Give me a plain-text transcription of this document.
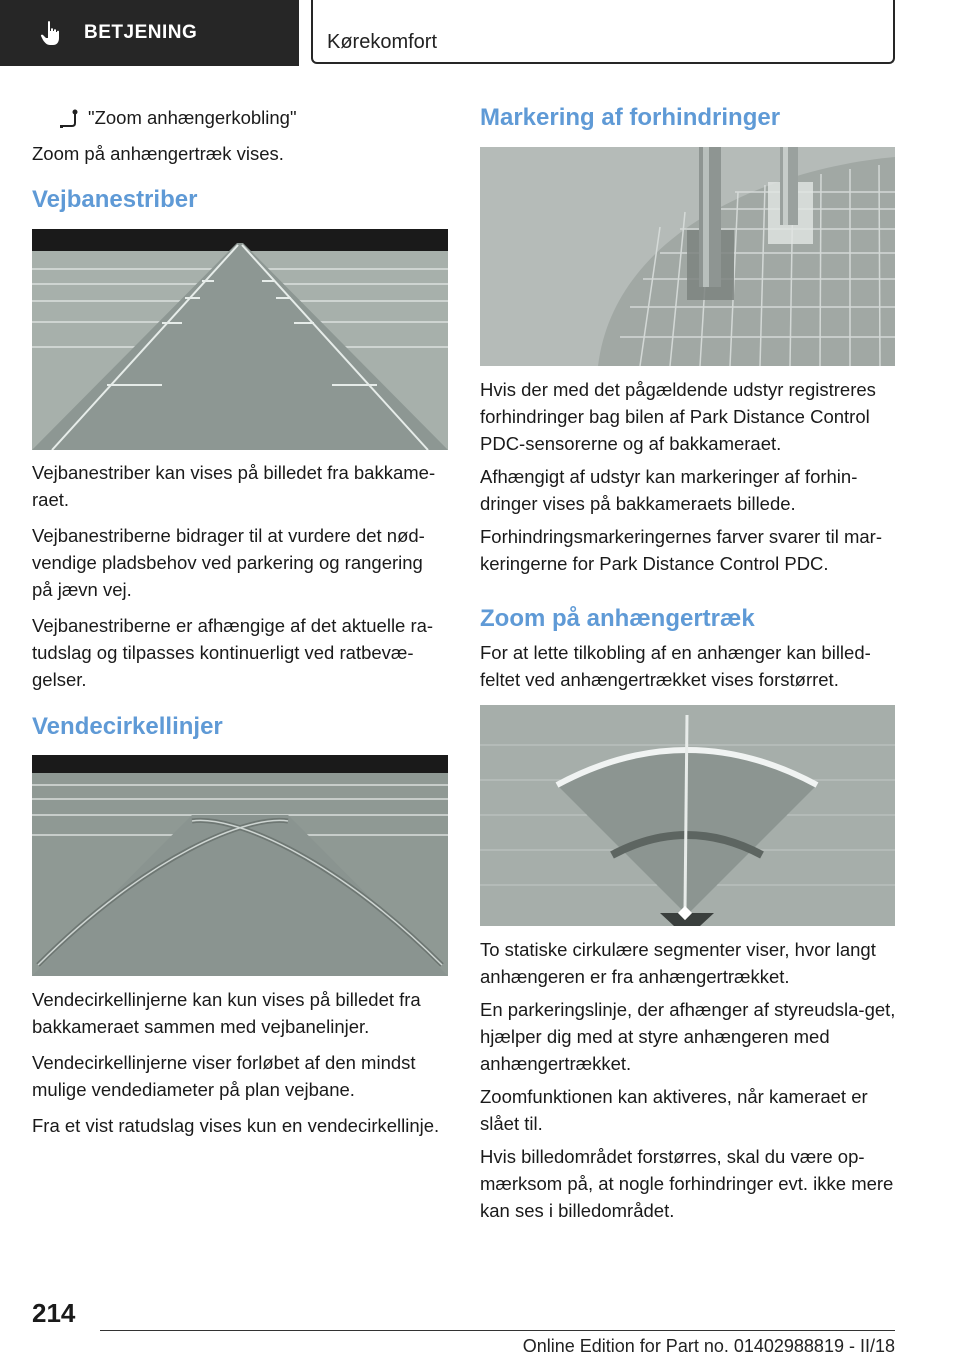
BETJENING	Kørekomfort

"Zoom anhængerkobling"

Zoom på anhængertræk vises.

Vejbanestriber

Vejbanestriber kan vises på billedet fra bakkame-raet.

Vejbanestriberne bidrager til at vurdere det nød-vendige pladsbehov ved parkering og rangering på jævn vej.

Vejbanestriberne er afhængige af det aktuelle ra-tudslag og tilpasses kontinuerligt ved ratbevæ-gelser.

Vendecirkellinjer

Vendecirkellinjerne kan kun vises på billedet fra bakkameraet sammen med vejbanelinjer.

Vendecirkellinjerne viser forløbet af den mindst mulige vendediameter på plan vejbane.

Fra et vist ratudslag vises kun en vendecirkellinje.

Markering af forhindringer

Hvis der med det pågældende udstyr registreres forhindringer bag bilen af Park Distance Control PDC-sensorerne og af bakkameraet.

Afhængigt af udstyr kan markeringer af forhin-dringer vises på bakkameraets billede.

Forhindringsmarkeringernes farver svarer til mar-keringerne for Park Distance Control PDC.

Zoom på anhængertræk

For at lette tilkobling af en anhænger kan billed-feltet ved anhængertrækket vises forstørret.

To statiske cirkulære segmenter viser, hvor langt anhængeren er fra anhængertrækket.

En parkeringslinje, der afhænger af styreudsla-get, hjælper dig med at styre anhængeren med anhængertrækket.

Zoomfunktionen kan aktiveres, når kameraet er slået til.

Hvis billedområdet forstørres, skal du være op-mærksom på, at nogle forhindringer evt. ikke mere kan ses i billedområdet.

214
Online Edition for Part no. 01402988819 - II/18
